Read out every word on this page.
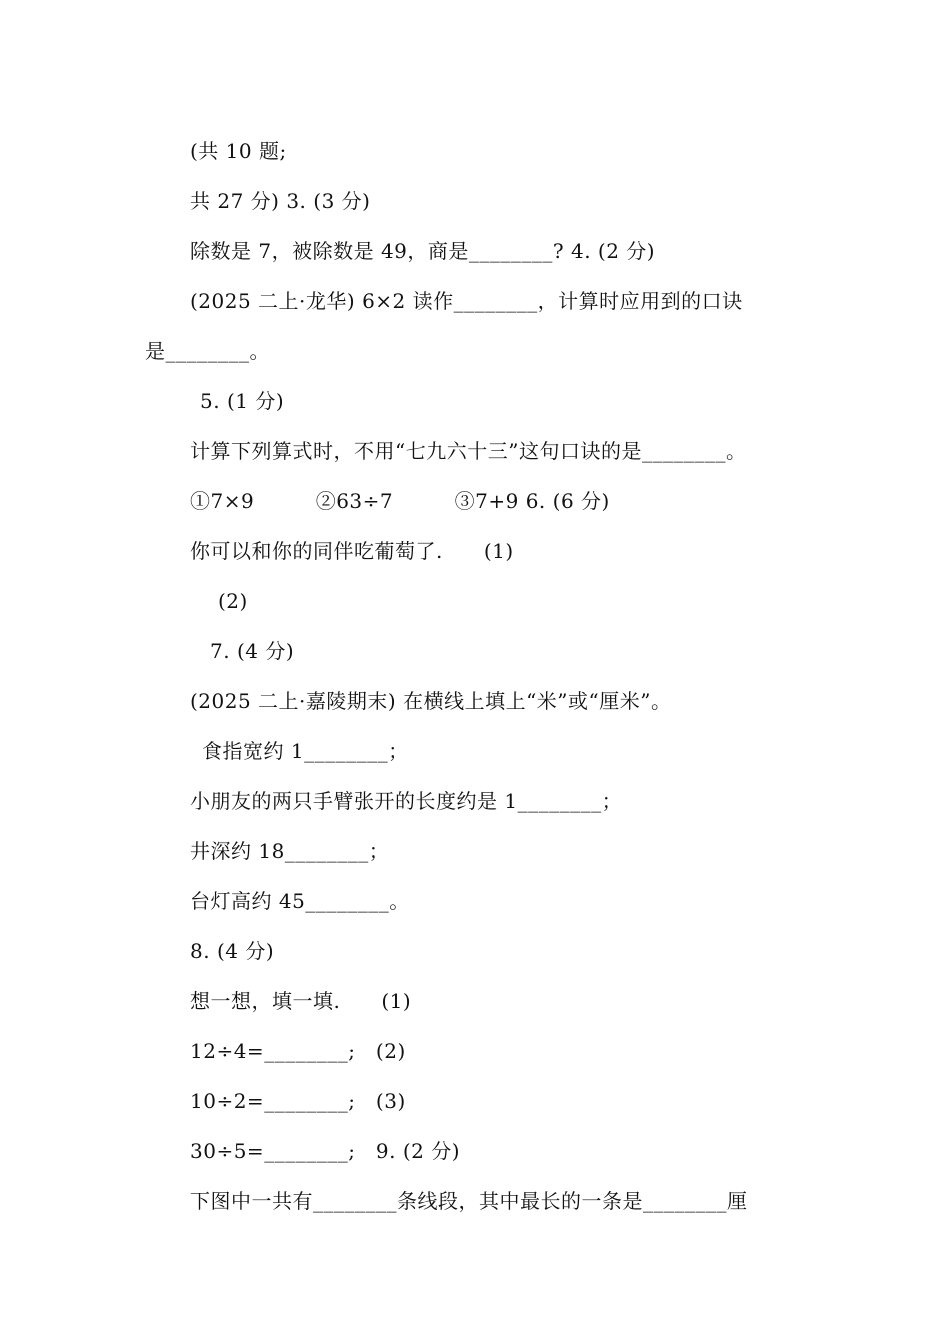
(共 10 题;
共 27 分) 3. (3 分)
除数是 7，被除数是 49，商是________? 4. (2 分)
(2025 二上·龙华) 6×2 读作________，计算时应用到的口诀
是________。
5. (1 分)
计算下列算式时，不用“七九六十三”这句口诀的是________。
①7×9　　　②63÷7　　　③7+9 6. (6 分)
你可以和你的同伴吃葡萄了.　　(1)
(2)
7. (4 分)
(2025 二上·嘉陵期末) 在横线上填上“米”或“厘米”。
食指宽约 1________；
小朋友的两只手臂张开的长度约是 1________；
井深约 18________；
台灯高约 45________。
8. (4 分)
想一想，填一填.　　(1)
12÷4=________;　(2)
10÷2=________;　(3)
30÷5=________;　9. (2 分)
下图中一共有________条线段，其中最长的一条是________厘
